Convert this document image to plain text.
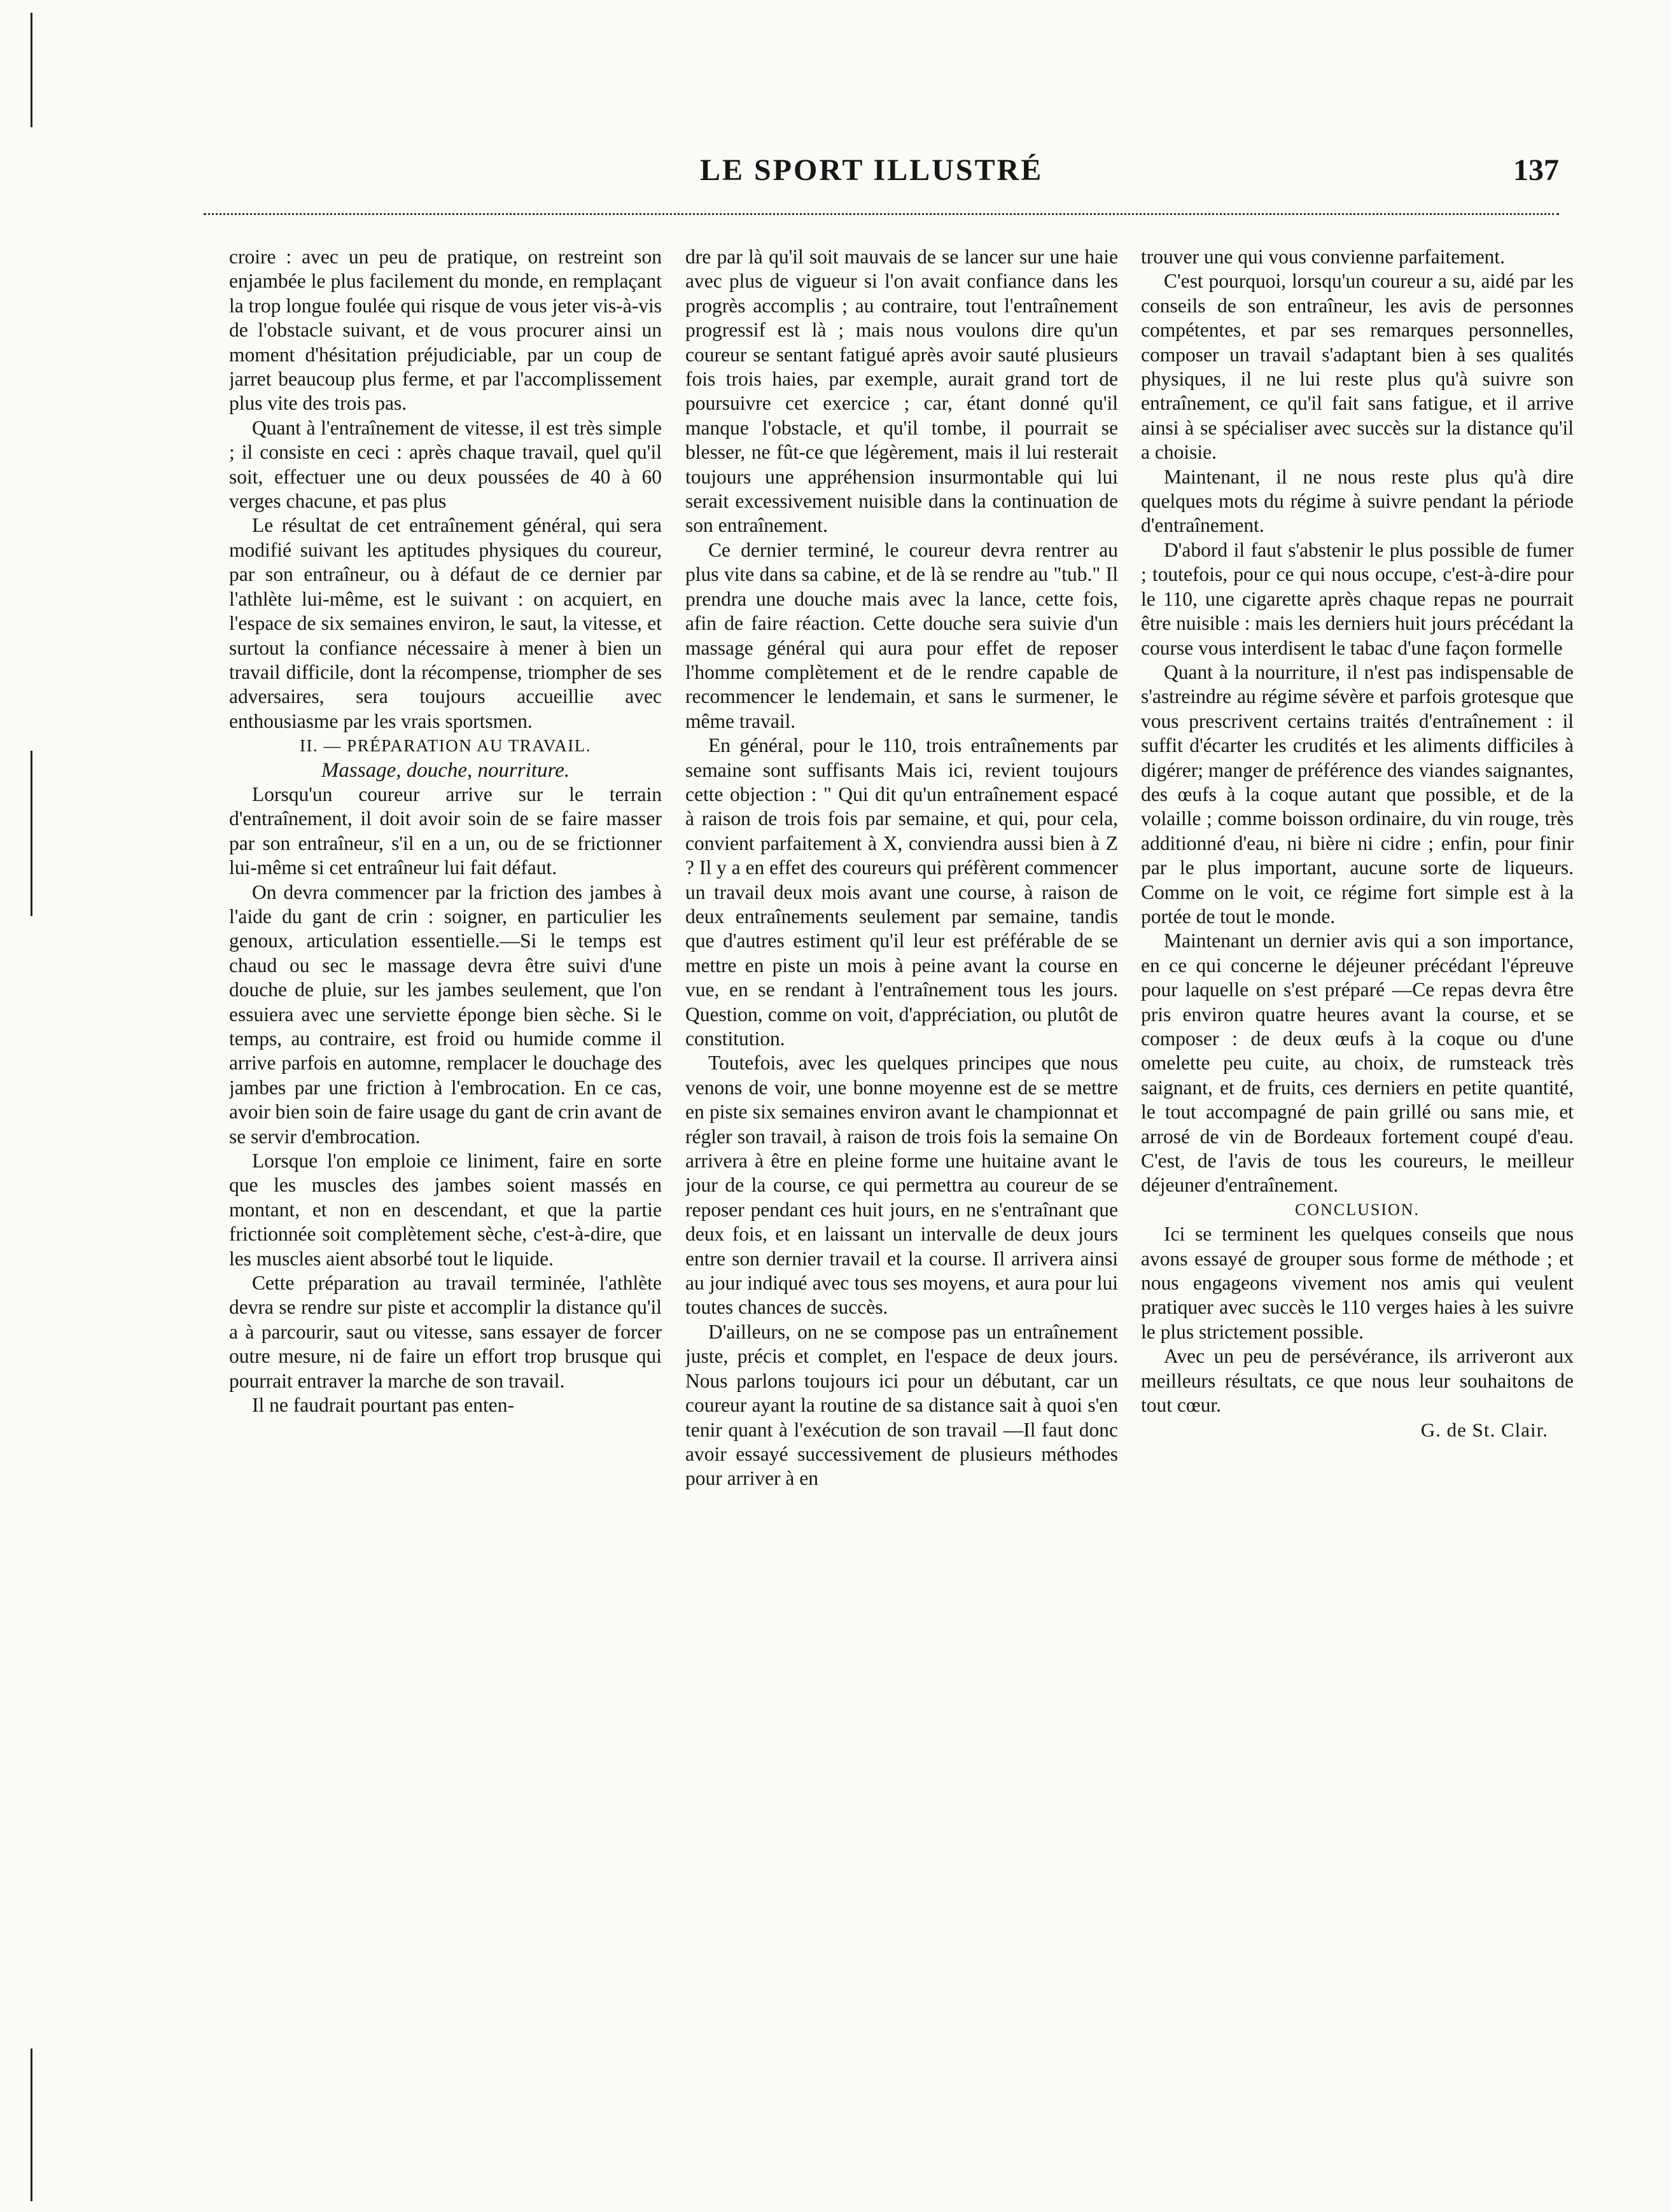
LE SPORT ILLUSTRÉ	137

croire : avec un peu de pratique, on restreint son enjambée le plus facilement du monde, en remplaçant la trop longue foulée qui risque de vous jeter vis-à-vis de l'obstacle suivant, et de vous procurer ainsi un moment d'hésitation préjudiciable, par un coup de jarret beaucoup plus ferme, et par l'accomplissement plus vite des trois pas.

Quant à l'entraînement de vitesse, il est très simple ; il consiste en ceci : après chaque travail, quel qu'il soit, effectuer une ou deux poussées de 40 à 60 verges chacune, et pas plus

Le résultat de cet entraînement général, qui sera modifié suivant les aptitudes physiques du coureur, par son entraîneur, ou à défaut de ce dernier par l'athlète lui-même, est le suivant : on acquiert, en l'espace de six semaines environ, le saut, la vitesse, et surtout la confiance nécessaire à mener à bien un travail difficile, dont la récompense, triompher de ses adversaires, sera toujours accueillie avec enthousiasme par les vrais sportsmen.

II. — PRÉPARATION AU TRAVAIL.

Massage, douche, nourriture.

Lorsqu'un coureur arrive sur le terrain d'entraînement, il doit avoir soin de se faire masser par son entraîneur, s'il en a un, ou de se frictionner lui-même si cet entraîneur lui fait défaut.

On devra commencer par la friction des jambes à l'aide du gant de crin : soigner, en particulier les genoux, articulation essentielle.—Si le temps est chaud ou sec le massage devra être suivi d'une douche de pluie, sur les jambes seulement, que l'on essuiera avec une serviette éponge bien sèche. Si le temps, au contraire, est froid ou humide comme il arrive parfois en automne, remplacer le douchage des jambes par une friction à l'embrocation. En ce cas, avoir bien soin de faire usage du gant de crin avant de se servir d'embrocation.

Lorsque l'on emploie ce liniment, faire en sorte que les muscles des jambes soient massés en montant, et non en descendant, et que la partie frictionnée soit complètement sèche, c'est-à-dire, que les muscles aient absorbé tout le liquide.

Cette préparation au travail terminée, l'athlète devra se rendre sur piste et accomplir la distance qu'il a à parcourir, saut ou vitesse, sans essayer de forcer outre mesure, ni de faire un effort trop brusque qui pourrait entraver la marche de son travail.

Il ne faudrait pourtant pas enten-

dre par là qu'il soit mauvais de se lancer sur une haie avec plus de vigueur si l'on avait confiance dans les progrès accomplis ; au contraire, tout l'entraînement progressif est là ; mais nous voulons dire qu'un coureur se sentant fatigué après avoir sauté plusieurs fois trois haies, par exemple, aurait grand tort de poursuivre cet exercice ; car, étant donné qu'il manque l'obstacle, et qu'il tombe, il pourrait se blesser, ne fût-ce que légèrement, mais il lui resterait toujours une appréhension insurmontable qui lui serait excessivement nuisible dans la continuation de son entraînement.

Ce dernier terminé, le coureur devra rentrer au plus vite dans sa cabine, et de là se rendre au "tub." Il prendra une douche mais avec la lance, cette fois, afin de faire réaction. Cette douche sera suivie d'un massage général qui aura pour effet de reposer l'homme complètement et de le rendre capable de recommencer le lendemain, et sans le surmener, le même travail.

En général, pour le 110, trois entraînements par semaine sont suffisants Mais ici, revient toujours cette objection : " Qui dit qu'un entraînement espacé à raison de trois fois par semaine, et qui, pour cela, convient parfaitement à X, conviendra aussi bien à Z ? Il y a en effet des coureurs qui préfèrent commencer un travail deux mois avant une course, à raison de deux entraînements seulement par semaine, tandis que d'autres estiment qu'il leur est préférable de se mettre en piste un mois à peine avant la course en vue, en se rendant à l'entraînement tous les jours. Question, comme on voit, d'appréciation, ou plutôt de constitution.

Toutefois, avec les quelques principes que nous venons de voir, une bonne moyenne est de se mettre en piste six semaines environ avant le championnat et régler son travail, à raison de trois fois la semaine On arrivera à être en pleine forme une huitaine avant le jour de la course, ce qui permettra au coureur de se reposer pendant ces huit jours, en ne s'entraînant que deux fois, et en laissant un intervalle de deux jours entre son dernier travail et la course. Il arrivera ainsi au jour indiqué avec tous ses moyens, et aura pour lui toutes chances de succès.

D'ailleurs, on ne se compose pas un entraînement juste, précis et complet, en l'espace de deux jours. Nous parlons toujours ici pour un débutant, car un coureur ayant la routine de sa distance sait à quoi s'en tenir quant à l'exécution de son travail —Il faut donc avoir essayé successivement de plusieurs méthodes pour arriver à en

trouver une qui vous convienne parfaitement.

C'est pourquoi, lorsqu'un coureur a su, aidé par les conseils de son entraîneur, les avis de personnes compétentes, et par ses remarques personnelles, composer un travail s'adaptant bien à ses qualités physiques, il ne lui reste plus qu'à suivre son entraînement, ce qu'il fait sans fatigue, et il arrive ainsi à se spécialiser avec succès sur la distance qu'il a choisie.

Maintenant, il ne nous reste plus qu'à dire quelques mots du régime à suivre pendant la période d'entraînement.

D'abord il faut s'abstenir le plus possible de fumer ; toutefois, pour ce qui nous occupe, c'est-à-dire pour le 110, une cigarette après chaque repas ne pourrait être nuisible : mais les derniers huit jours précédant la course vous interdisent le tabac d'une façon formelle

Quant à la nourriture, il n'est pas indispensable de s'astreindre au régime sévère et parfois grotesque que vous prescrivent certains traités d'entraînement : il suffit d'écarter les crudités et les aliments difficiles à digérer; manger de préférence des viandes saignantes, des œufs à la coque autant que possible, et de la volaille ; comme boisson ordinaire, du vin rouge, très additionné d'eau, ni bière ni cidre ; enfin, pour finir par le plus important, aucune sorte de liqueurs. Comme on le voit, ce régime fort simple est à la portée de tout le monde.

Maintenant un dernier avis qui a son importance, en ce qui concerne le déjeuner précédant l'épreuve pour laquelle on s'est préparé —Ce repas devra être pris environ quatre heures avant la course, et se composer : de deux œufs à la coque ou d'une omelette peu cuite, au choix, de rumsteack très saignant, et de fruits, ces derniers en petite quantité, le tout accompagné de pain grillé ou sans mie, et arrosé de vin de Bordeaux fortement coupé d'eau. C'est, de l'avis de tous les coureurs, le meilleur déjeuner d'entraînement.

CONCLUSION.

Ici se terminent les quelques conseils que nous avons essayé de grouper sous forme de méthode ; et nous engageons vivement nos amis qui veulent pratiquer avec succès le 110 verges haies à les suivre le plus strictement possible.

Avec un peu de persévérance, ils arriveront aux meilleurs résultats, ce que nous leur souhaitons de tout cœur.

G. de St. Clair.
